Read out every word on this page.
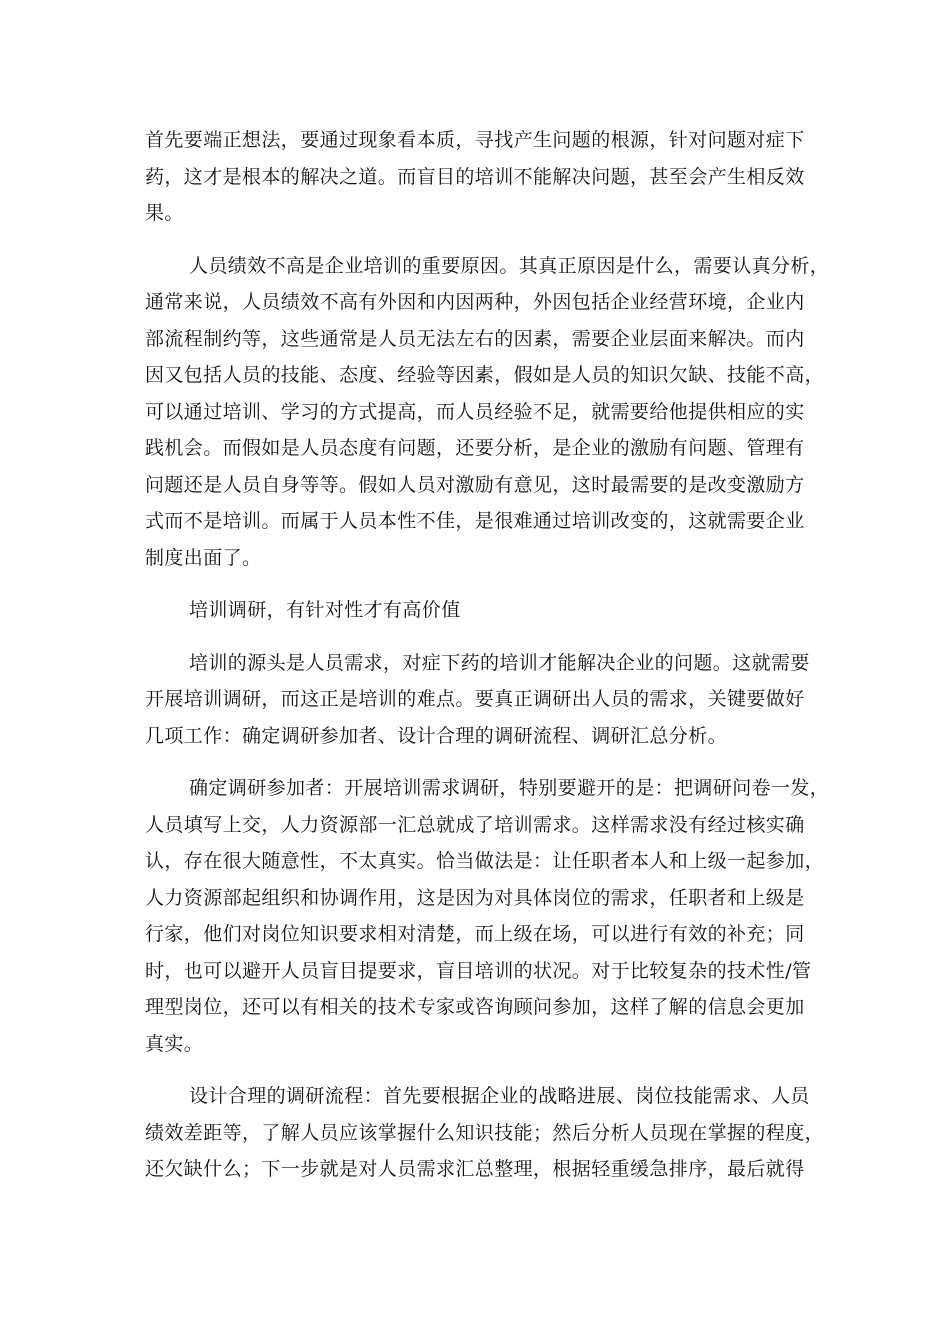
首先要端正想法，要通过现象看本质，寻找产生问题的根源，针对问题对症下
药，这才是根本的解决之道。而盲目的培训不能解决问题，甚至会产生相反效
果。

人员绩效不高是企业培训的重要原因。其真正原因是什么，需要认真分析，
通常来说，人员绩效不高有外因和内因两种，外因包括企业经营环境，企业内
部流程制约等，这些通常是人员无法左右的因素，需要企业层面来解决。而内
因又包括人员的技能、态度、经验等因素，假如是人员的知识欠缺、技能不高，
可以通过培训、学习的方式提高，而人员经验不足，就需要给他提供相应的实
践机会。而假如是人员态度有问题，还要分析，是企业的激励有问题、管理有
问题还是人员自身等等。假如人员对激励有意见，这时最需要的是改变激励方
式而不是培训。而属于人员本性不佳，是很难通过培训改变的，这就需要企业
制度出面了。

培训调研，有针对性才有高价值

培训的源头是人员需求，对症下药的培训才能解决企业的问题。这就需要
开展培训调研，而这正是培训的难点。要真正调研出人员的需求，关键要做好
几项工作：确定调研参加者、设计合理的调研流程、调研汇总分析。

确定调研参加者：开展培训需求调研，特别要避开的是：把调研问卷一发，
人员填写上交，人力资源部一汇总就成了培训需求。这样需求没有经过核实确
认，存在很大随意性，不太真实。恰当做法是：让任职者本人和上级一起参加，
人力资源部起组织和协调作用，这是因为对具体岗位的需求，任职者和上级是
行家，他们对岗位知识要求相对清楚，而上级在场，可以进行有效的补充；同
时，也可以避开人员盲目提要求，盲目培训的状况。对于比较复杂的技术性/管
理型岗位，还可以有相关的技术专家或咨询顾问参加，这样了解的信息会更加
真实。

设计合理的调研流程：首先要根据企业的战略进展、岗位技能需求、人员
绩效差距等，了解人员应该掌握什么知识技能；然后分析人员现在掌握的程度，
还欠缺什么；下一步就是对人员需求汇总整理，根据轻重缓急排序，最后就得
